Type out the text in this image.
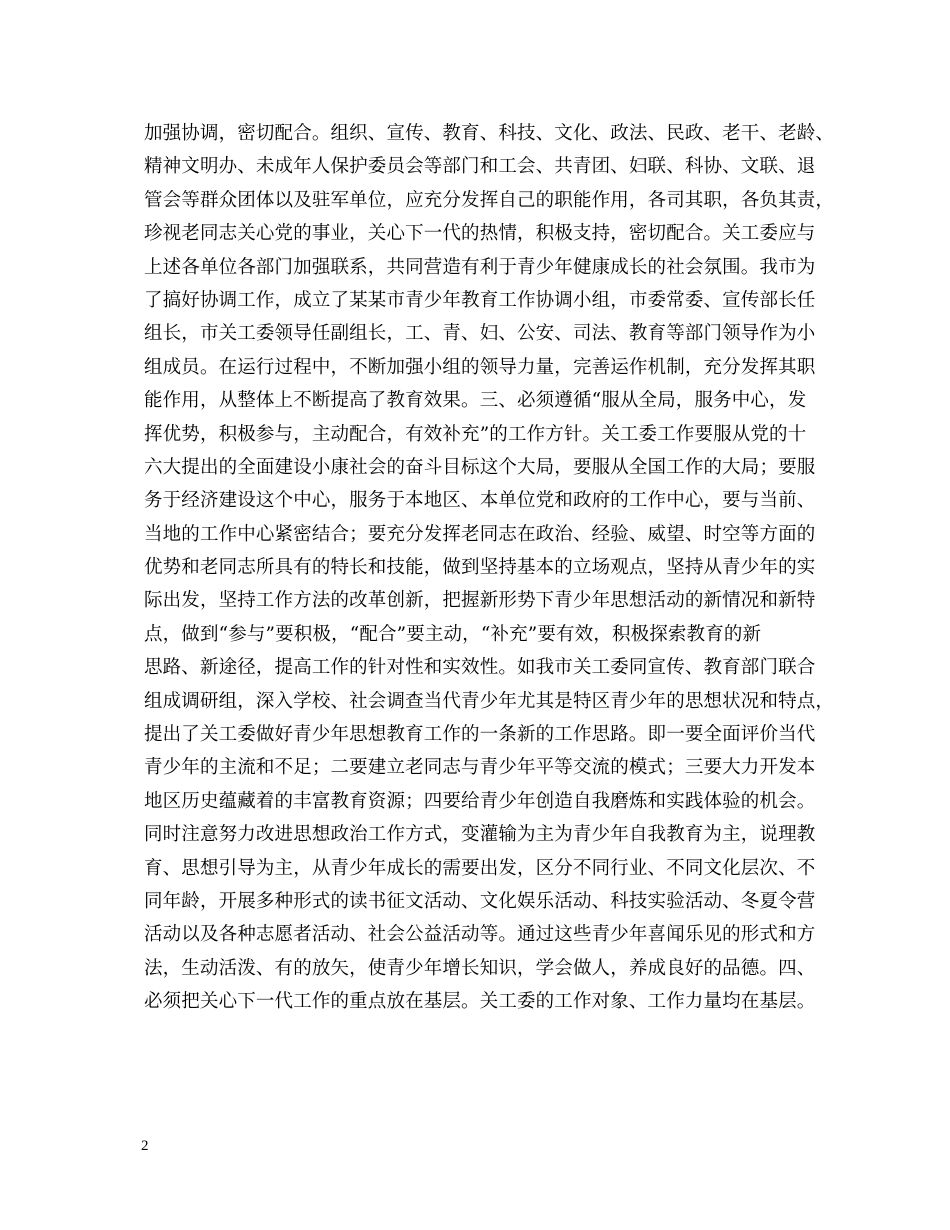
加强协调，密切配合。组织、宣传、教育、科技、文化、政法、民政、老干、老龄、
精神文明办、未成年人保护委员会等部门和工会、共青团、妇联、科协、文联、退
管会等群众团体以及驻军单位，应充分发挥自己的职能作用，各司其职，各负其责，
珍视老同志关心党的事业，关心下一代的热情，积极支持，密切配合。关工委应与
上述各单位各部门加强联系，共同营造有利于青少年健康成长的社会氛围。我市为
了搞好协调工作，成立了某某市青少年教育工作协调小组，市委常委、宣传部长任
组长，市关工委领导任副组长，工、青、妇、公安、司法、教育等部门领导作为小
组成员。在运行过程中，不断加强小组的领导力量，完善运作机制，充分发挥其职
能作用，从整体上不断提高了教育效果。三、必须遵循“服从全局，服务中心，发
挥优势，积极参与，主动配合，有效补充”的工作方针。关工委工作要服从党的十
六大提出的全面建设小康社会的奋斗目标这个大局，要服从全国工作的大局；要服
务于经济建设这个中心，服务于本地区、本单位党和政府的工作中心，要与当前、
当地的工作中心紧密结合；要充分发挥老同志在政治、经验、威望、时空等方面的
优势和老同志所具有的特长和技能，做到坚持基本的立场观点，坚持从青少年的实
际出发，坚持工作方法的改革创新，把握新形势下青少年思想活动的新情况和新特
点，做到“参与”要积极，“配合”要主动，“补充”要有效，积极探索教育的新
思路、新途径，提高工作的针对性和实效性。如我市关工委同宣传、教育部门联合
组成调研组，深入学校、社会调查当代青少年尤其是特区青少年的思想状况和特点，
提出了关工委做好青少年思想教育工作的一条新的工作思路。即一要全面评价当代
青少年的主流和不足；二要建立老同志与青少年平等交流的模式；三要大力开发本
地区历史蕴藏着的丰富教育资源；四要给青少年创造自我磨炼和实践体验的机会。
同时注意努力改进思想政治工作方式，变灌输为主为青少年自我教育为主，说理教
育、思想引导为主，从青少年成长的需要出发，区分不同行业、不同文化层次、不
同年龄，开展多种形式的读书征文活动、文化娱乐活动、科技实验活动、冬夏令营
活动以及各种志愿者活动、社会公益活动等。通过这些青少年喜闻乐见的形式和方
法，生动活泼、有的放矢，使青少年增长知识，学会做人，养成良好的品德。四、
必须把关心下一代工作的重点放在基层。关工委的工作对象、工作力量均在基层。
2
